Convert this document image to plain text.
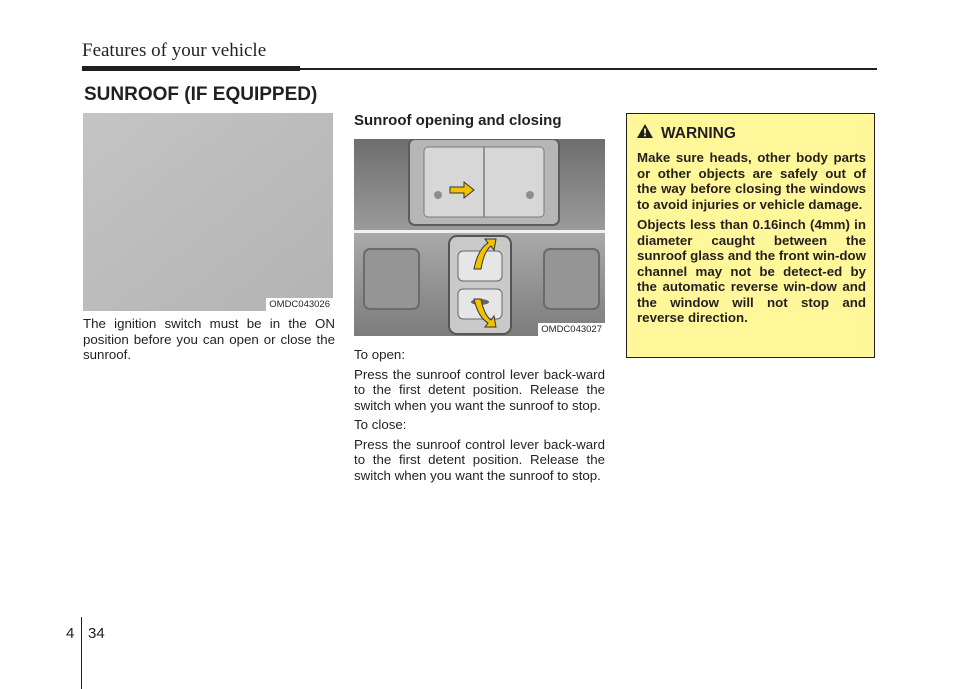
Features of your vehicle
SUNROOF (IF EQUIPPED)
OMDC043026
The ignition switch must be in the ON position before you can open or close the sunroof.
Sunroof opening and closing
OMDC043027

To open:

Press the sunroof control lever back-ward to the first detent position. Release the switch when you want the sunroof to stop.

To close:

Press the sunroof control lever back-ward to the first detent position. Release the switch when you want the sunroof to stop.

WARNING

Make sure heads, other body parts or other objects are safely out of the way before closing the windows to avoid injuries or vehicle damage.

Objects less than 0.16inch (4mm) in diameter caught between the sunroof glass and the front win-dow channel may not be detect-ed by the automatic reverse win-dow and the window will not stop and reverse direction.

4 34
